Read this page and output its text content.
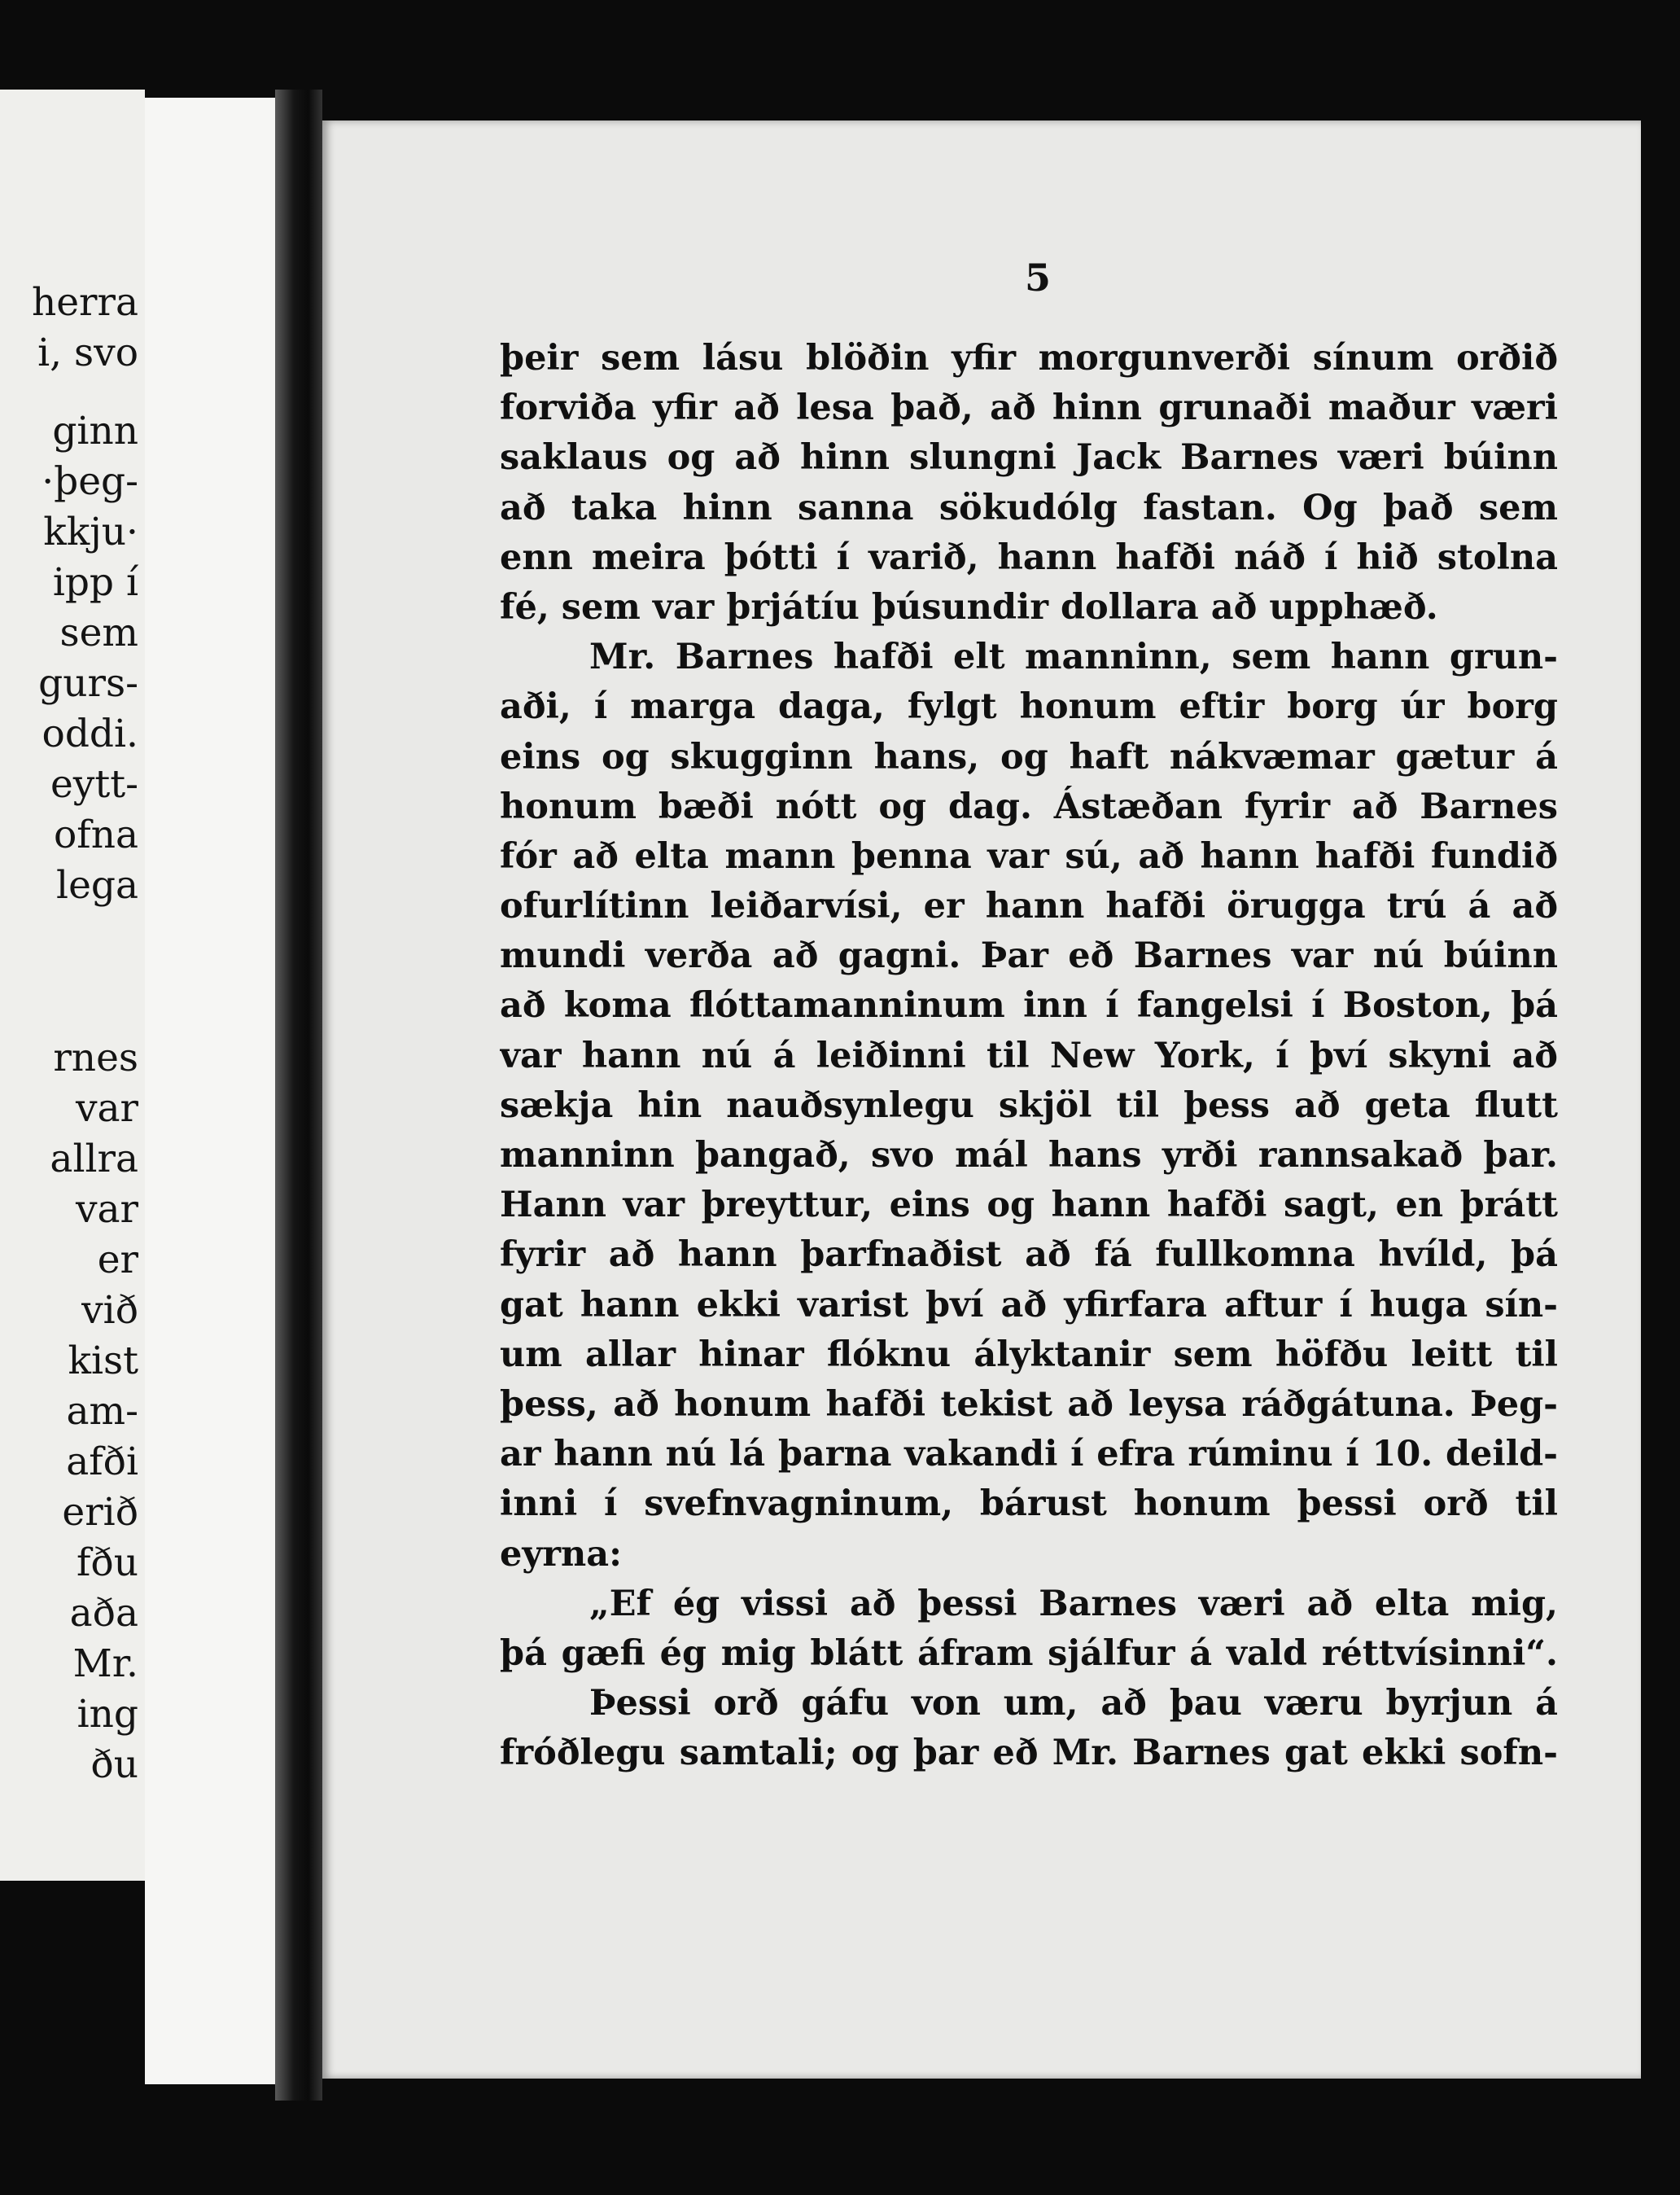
herra
i, svo
ginn
·þeg-
kkju·
ipp í
sem
gurs-
oddi.
eytt-
ofna
lega
rnes
var
allra
var
er
við
kist
am-
afði
erið
fðu
aða
Mr.
ing
ðu
5
þeir sem lásu blöðin yfir morgunverði sínum orðið
forviða yfir að lesa það, að hinn grunaði maður væri
saklaus og að hinn slungni Jack Barnes væri búinn
að taka hinn sanna sökudólg fastan. Og það sem
enn meira þótti í varið, hann hafði náð í hið stolna
fé, sem var þrjátíu þúsundir dollara að upphæð.
Mr. Barnes hafði elt manninn, sem hann grun-
aði, í marga daga, fylgt honum eftir borg úr borg
eins og skugginn hans, og haft nákvæmar gætur á
honum bæði nótt og dag. Ástæðan fyrir að Barnes
fór að elta mann þenna var sú, að hann hafði fundið
ofurlítinn leiðarvísi, er hann hafði örugga trú á að
mundi verða að gagni. Þar eð Barnes var nú búinn
að koma flóttamanninum inn í fangelsi í Boston, þá
var hann nú á leiðinni til New York, í því skyni að
sækja hin nauðsynlegu skjöl til þess að geta flutt
manninn þangað, svo mál hans yrði rannsakað þar.
Hann var þreyttur, eins og hann hafði sagt, en þrátt
fyrir að hann þarfnaðist að fá fullkomna hvíld, þá
gat hann ekki varist því að yfirfara aftur í huga sín-
um allar hinar flóknu ályktanir sem höfðu leitt til
þess, að honum hafði tekist að leysa ráðgátuna. Þeg-
ar hann nú lá þarna vakandi í efra rúminu í 10. deild-
inni í svefnvagninum, bárust honum þessi orð til
eyrna:
„Ef ég vissi að þessi Barnes væri að elta mig,
þá gæfi ég mig blátt áfram sjálfur á vald réttvísinni“.
Þessi orð gáfu von um, að þau væru byrjun á
fróðlegu samtali; og þar eð Mr. Barnes gat ekki sofn-
